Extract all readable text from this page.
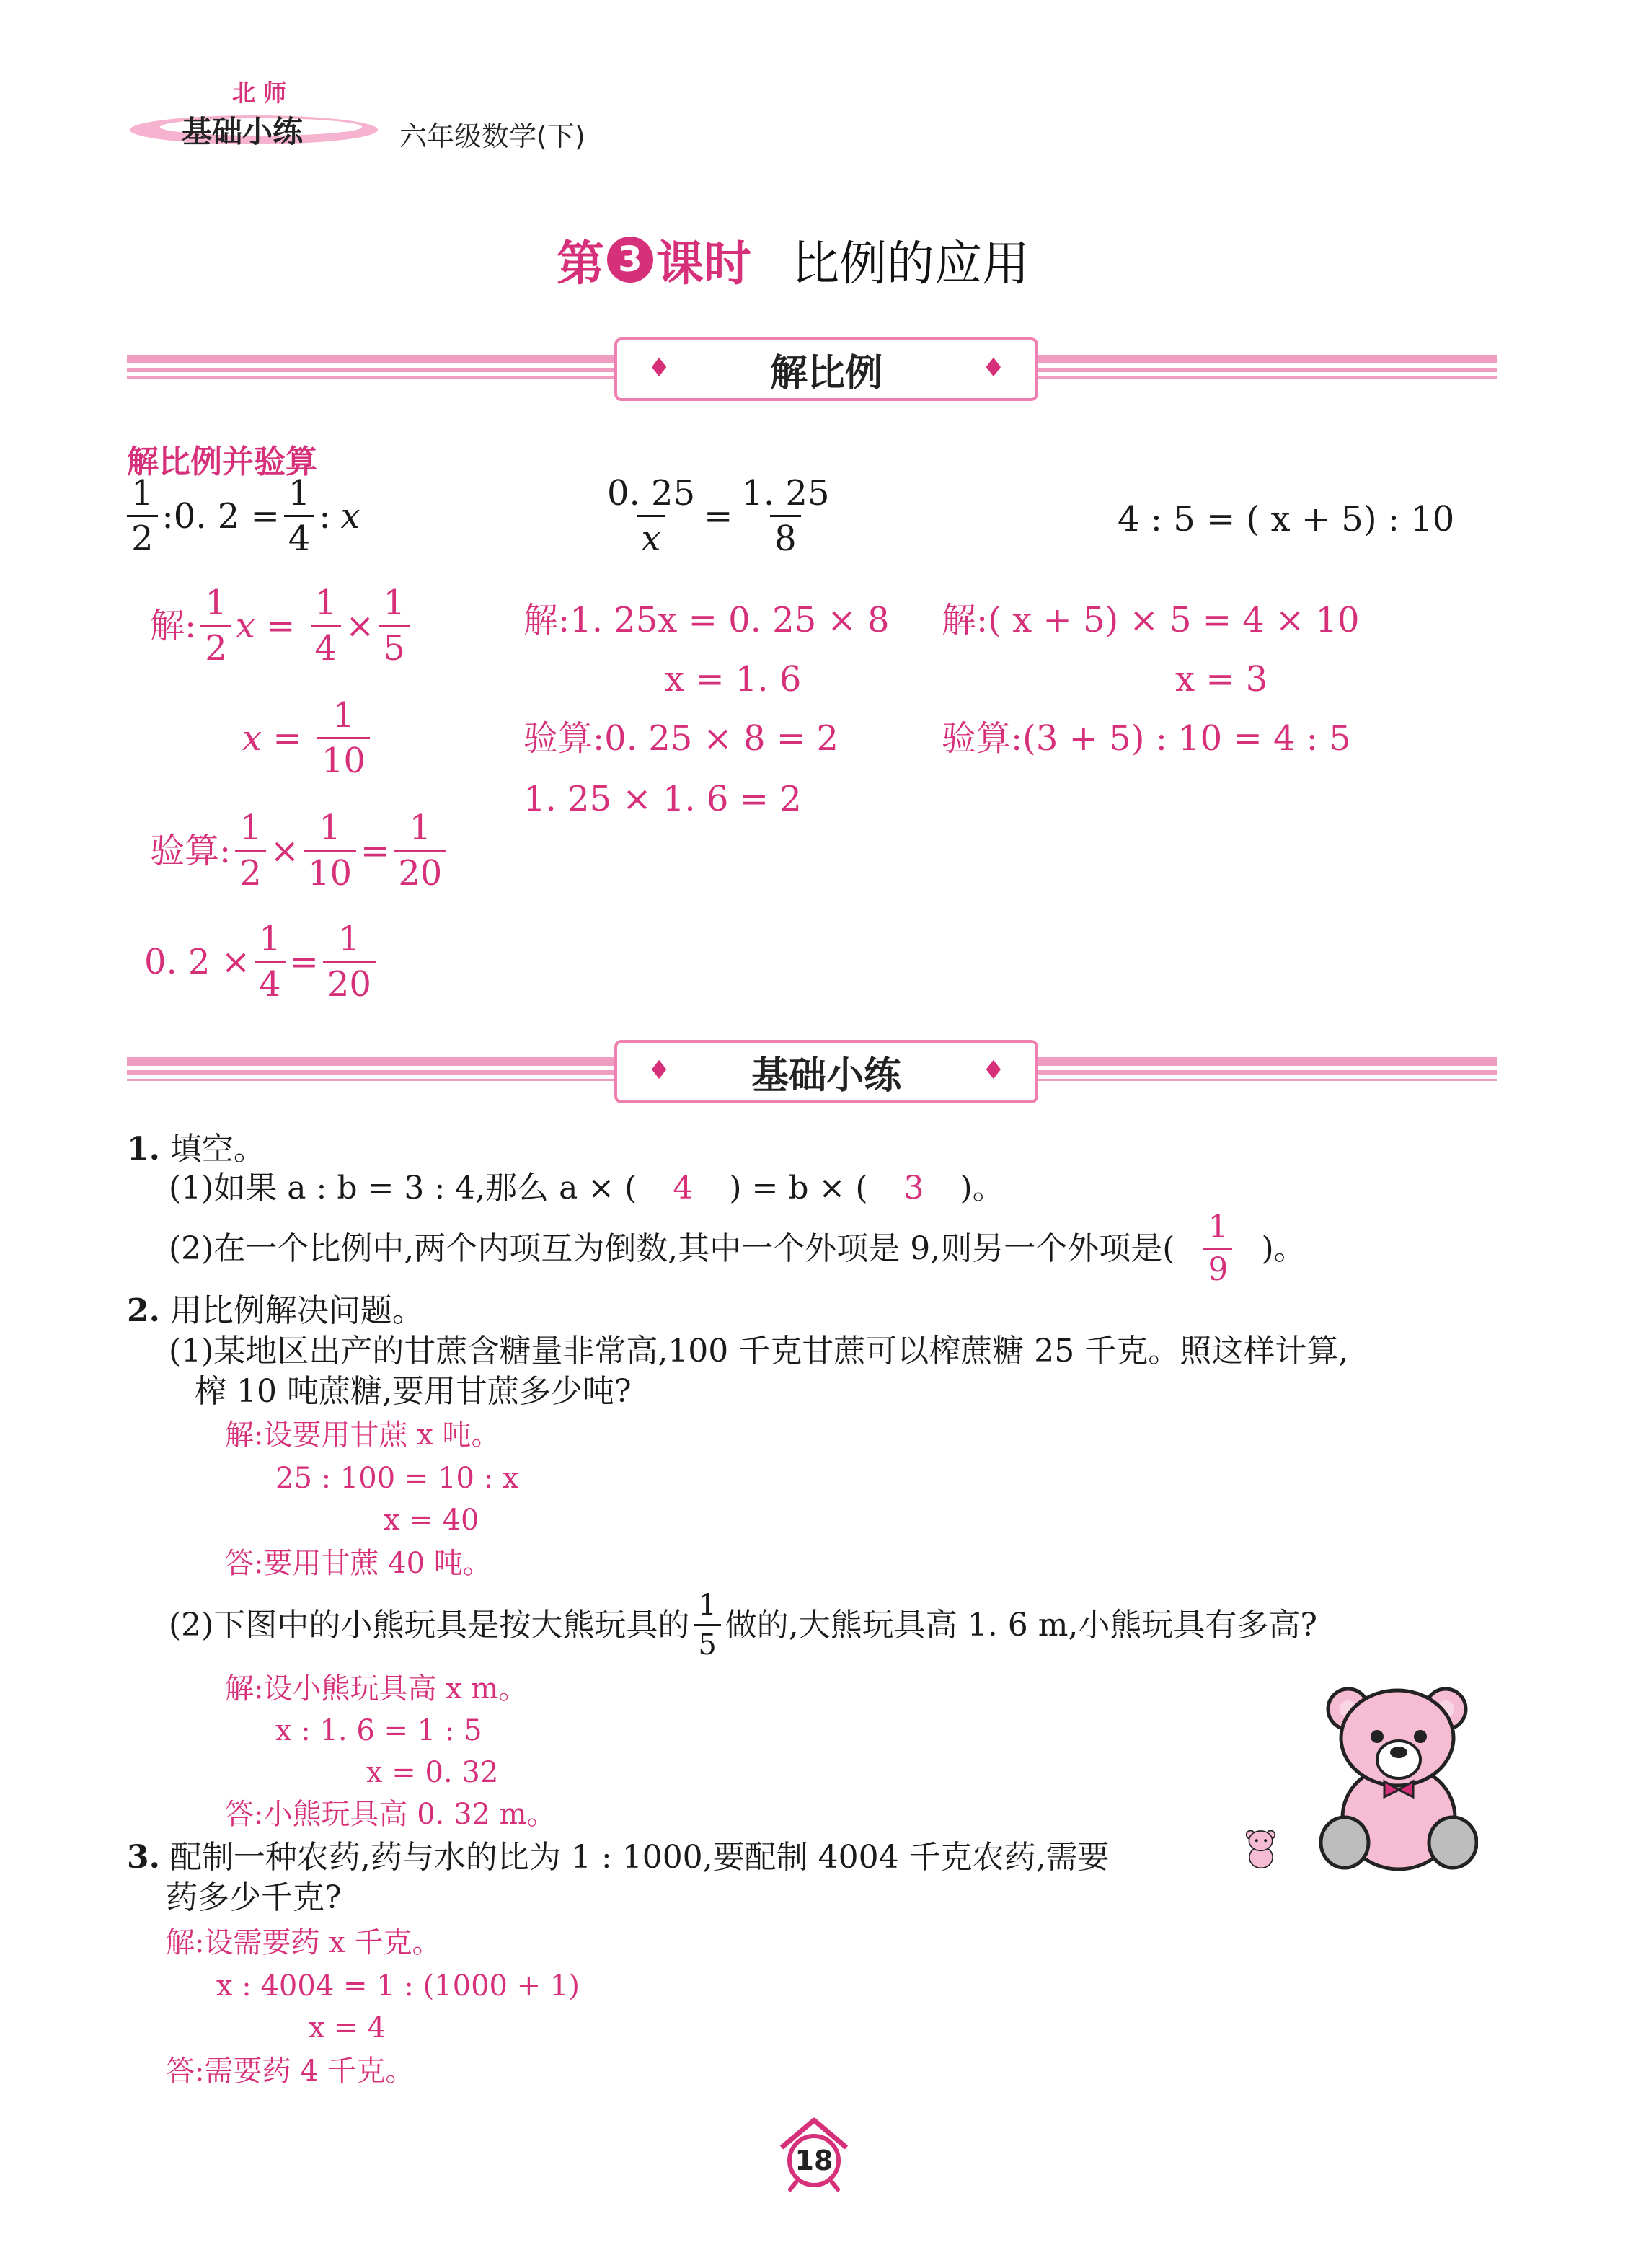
北 师
基础小练	六年级数学(下)
第 3 课时 比例的应用
♦	解比例	♦
解比例并验算
$\frac{1}{2}$ :0. $2 = \frac{1}{4}$ : x
解: $\frac{1}{2}$ $x = \frac{1}{4} \times \frac{1}{5}$
$x = \frac{1}{10}$
验算: $\frac{1}{2} \times \frac{1}{10} = \frac{1}{20}$
0. $2 \times \frac{1}{4} = \frac{1}{20}$
$\frac{0. 25}{x} = \frac{1. 25}{8}$
解:1. 25x = 0. 25 × 8
x = 1. 6
验算:0. 25 × 8 = 2
1. 25 × 1. 6 = 2
4 : 5 = ( x + 5) : 10
解:( x + 5) × 5 = 4 × 10
x = 3
验算:(3 + 5) : 10 = 4 : 5
♦ 基础小练	♦
1. 填空。
(1)如果 a : b = 3 : 4,那么 a × ( 4 ) = b × ( 3 )。
(2)在一个比例中,两个内项互为倒数,其中一个外项是 9,则另一个外项是( $\frac{1}{9}$ )。
2. 用比例解决问题。
(1)某地区出产的甘蔗含糖量非常高,100 千克甘蔗可以榨蔗糖 25 千克。照这样计算,
榨 10 吨蔗糖,要用甘蔗多少吨?
解:设要用甘蔗 x 吨。
25 : 100 = 10 : x
x = 40
答:要用甘蔗 40 吨。
(2)下图中的小熊玩具是按大熊玩具的 $\frac{1}{5}$ 做的,大熊玩具高 1. 6 m,小熊玩具有多高?
解:设小熊玩具高 x m。
x : 1. 6 = 1 : 5
x = 0. 32
答:小熊玩具高 0. 32 m。
3. 配制一种农药,药与水的比为 1 : 1000,要配制 4004 千克农药,需要
药多少千克?
解:设需要药 x 千克。
x : 4004 = 1 : (1000 + 1)
x = 4
答:需要药 4 千克。
18
